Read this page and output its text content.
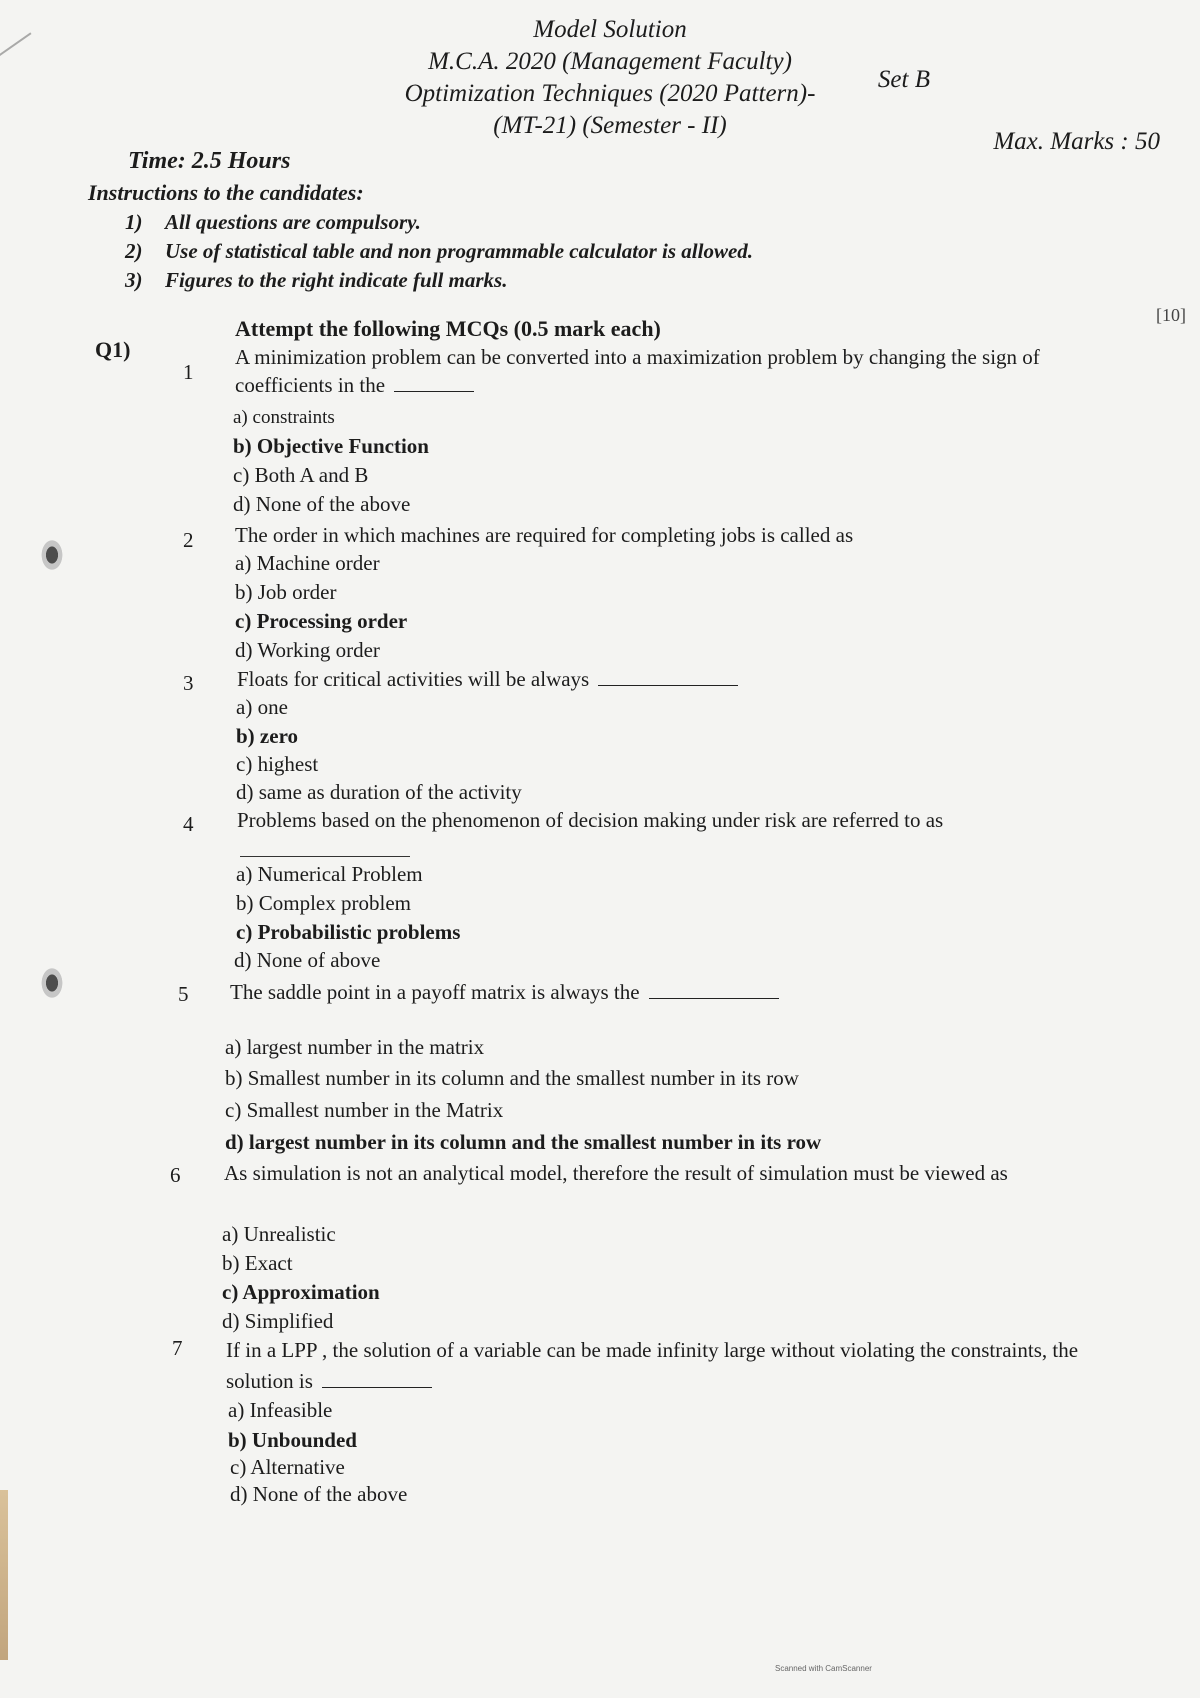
Model Solution
M.C.A. 2020 (Management Faculty)
Optimization Techniques (2020 Pattern)-
Set B
(MT-21) (Semester - II)
Max. Marks : 50
Time: 2.5 Hours
Instructions to the candidates:
1) All questions are compulsory.
2) Use of statistical table and non programmable calculator is allowed.
3) Figures to the right indicate full marks.
Q1)
[10]
Attempt the following MCQs (0.5 mark each)
1
A minimization problem can be converted into a maximization problem by changing the sign of coefficients in the
a) constraints
b) Objective Function
c) Both A and B
d) None of the above
2 The order in which machines are required for completing jobs is called as
a) Machine order
b) Job order
c) Processing order
d) Working order
3 Floats for critical activities will be always
a) one
b) zero
c) highest
d) same as duration of the activity
4 Problems based on the phenomenon of decision making under risk are referred to as
a) Numerical Problem
b) Complex problem
c) Probabilistic problems
d) None of above
5 The saddle point in a payoff matrix is always the
a) largest number in the matrix
b) Smallest number in its column and the smallest number in its row
c) Smallest number in the Matrix
d) largest number in its column and the smallest number in its row
6 As simulation is not an analytical model, therefore the result of simulation must be viewed as
a) Unrealistic
b) Exact
c) Approximation
d) Simplified
7 If in a LPP , the solution of a variable can be made infinity large without violating the constraints, the solution is
a) Infeasible
b) Unbounded
c) Alternative
d) None of the above
Scanned with CamScanner
